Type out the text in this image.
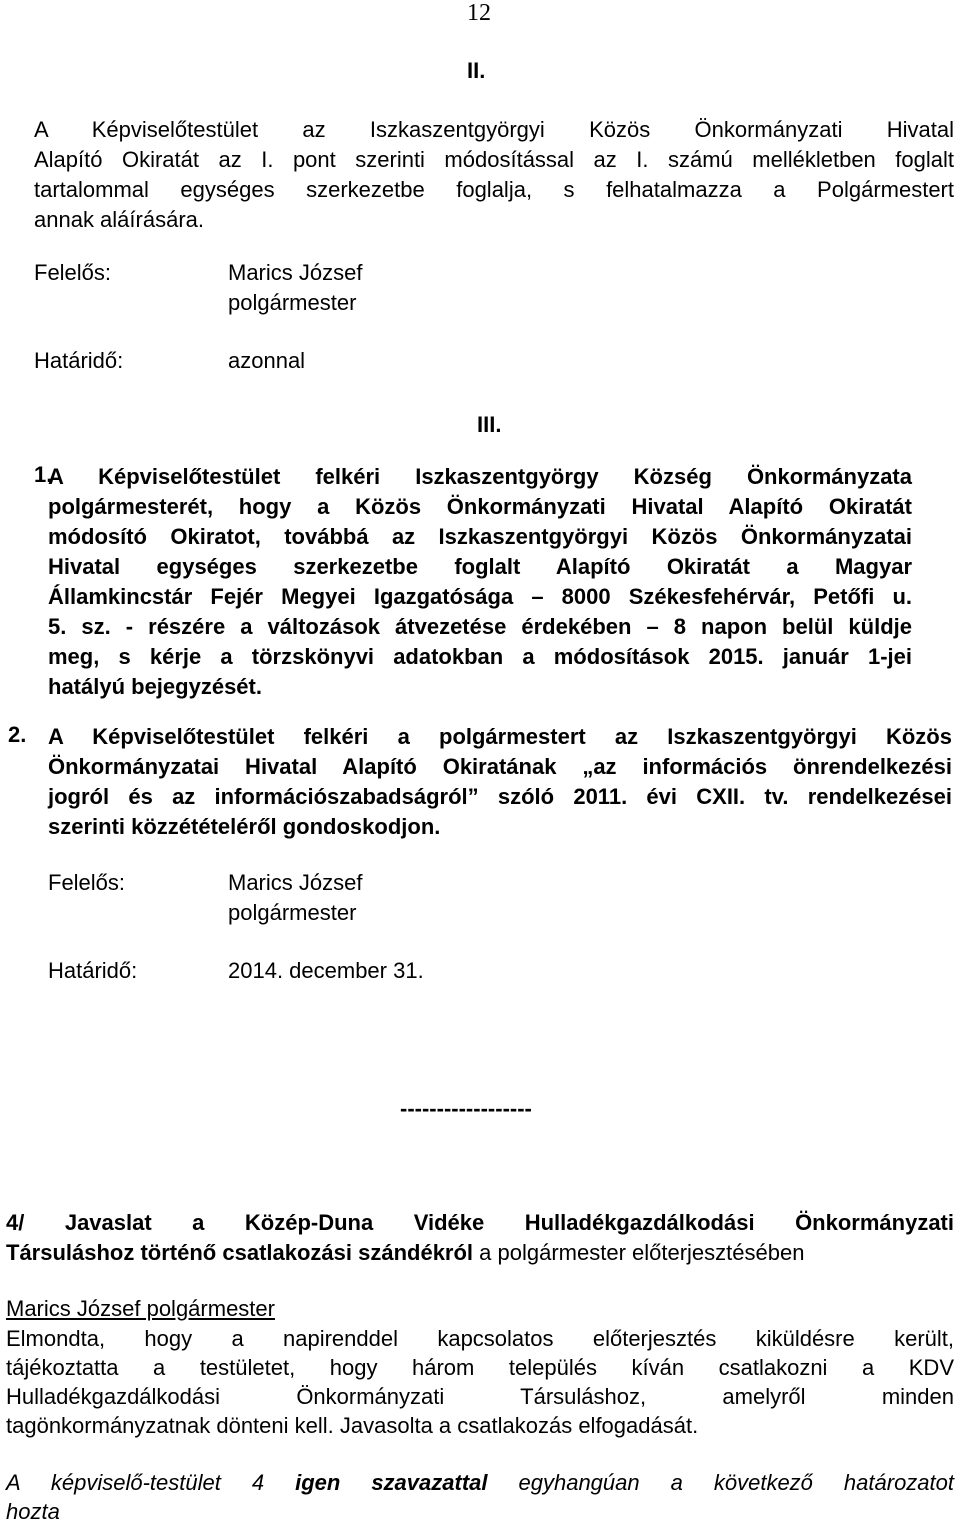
12
II.
A Képviselőtestület az Iszkaszentgyörgyi Közös Önkormányzati Hivatal
Alapító Okiratát az I. pont szerinti módosítással az I. számú mellékletben foglalt
tartalommal egységes szerkezetbe foglalja, s felhatalmazza a Polgármestert
annak aláírására.
Felelős:	Marics József
polgármester
Határidő:	azonnal
III.
1.
A Képviselőtestület felkéri Iszkaszentgyörgy Község Önkormányzata
polgármesterét, hogy a Közös Önkormányzati Hivatal Alapító Okiratát
módosító Okiratot, továbbá az Iszkaszentgyörgyi Közös Önkormányzatai
Hivatal egységes szerkezetbe foglalt Alapító Okiratát a Magyar
Államkincstár Fejér Megyei Igazgatósága – 8000 Székesfehérvár, Petőfi u.
5. sz. - részére a változások átvezetése érdekében – 8 napon belül küldje
meg, s kérje a törzskönyvi adatokban a módosítások 2015. január 1-jei
hatályú bejegyzését.
2. A Képviselőtestület felkéri a polgármestert az Iszkaszentgyörgyi Közös
Önkormányzatai Hivatal Alapító Okiratának „az információs önrendelkezési
jogról és az információszabadságról” szóló 2011. évi CXII. tv. rendelkezései
szerinti közzétételéről gondoskodjon.
Felelős:	Marics József
polgármester
Határidő:	2014. december 31.
------------------
4/ Javaslat a Közép-Duna Vidéke Hulladékgazdálkodási Önkormányzati
Társuláshoz történő csatlakozási szándékról a polgármester előterjesztésében
Marics József polgármester
Elmondta, hogy a napirenddel kapcsolatos előterjesztés kiküldésre került,
tájékoztatta a testületet, hogy három település kíván csatlakozni a KDV
Hulladékgazdálkodási Önkormányzati Társuláshoz, amelyről minden
tagönkormányzatnak dönteni kell. Javasolta a csatlakozás elfogadását.
A képviselő-testület 4 igen szavazattal egyhangúan a következő határozatot
hozta
